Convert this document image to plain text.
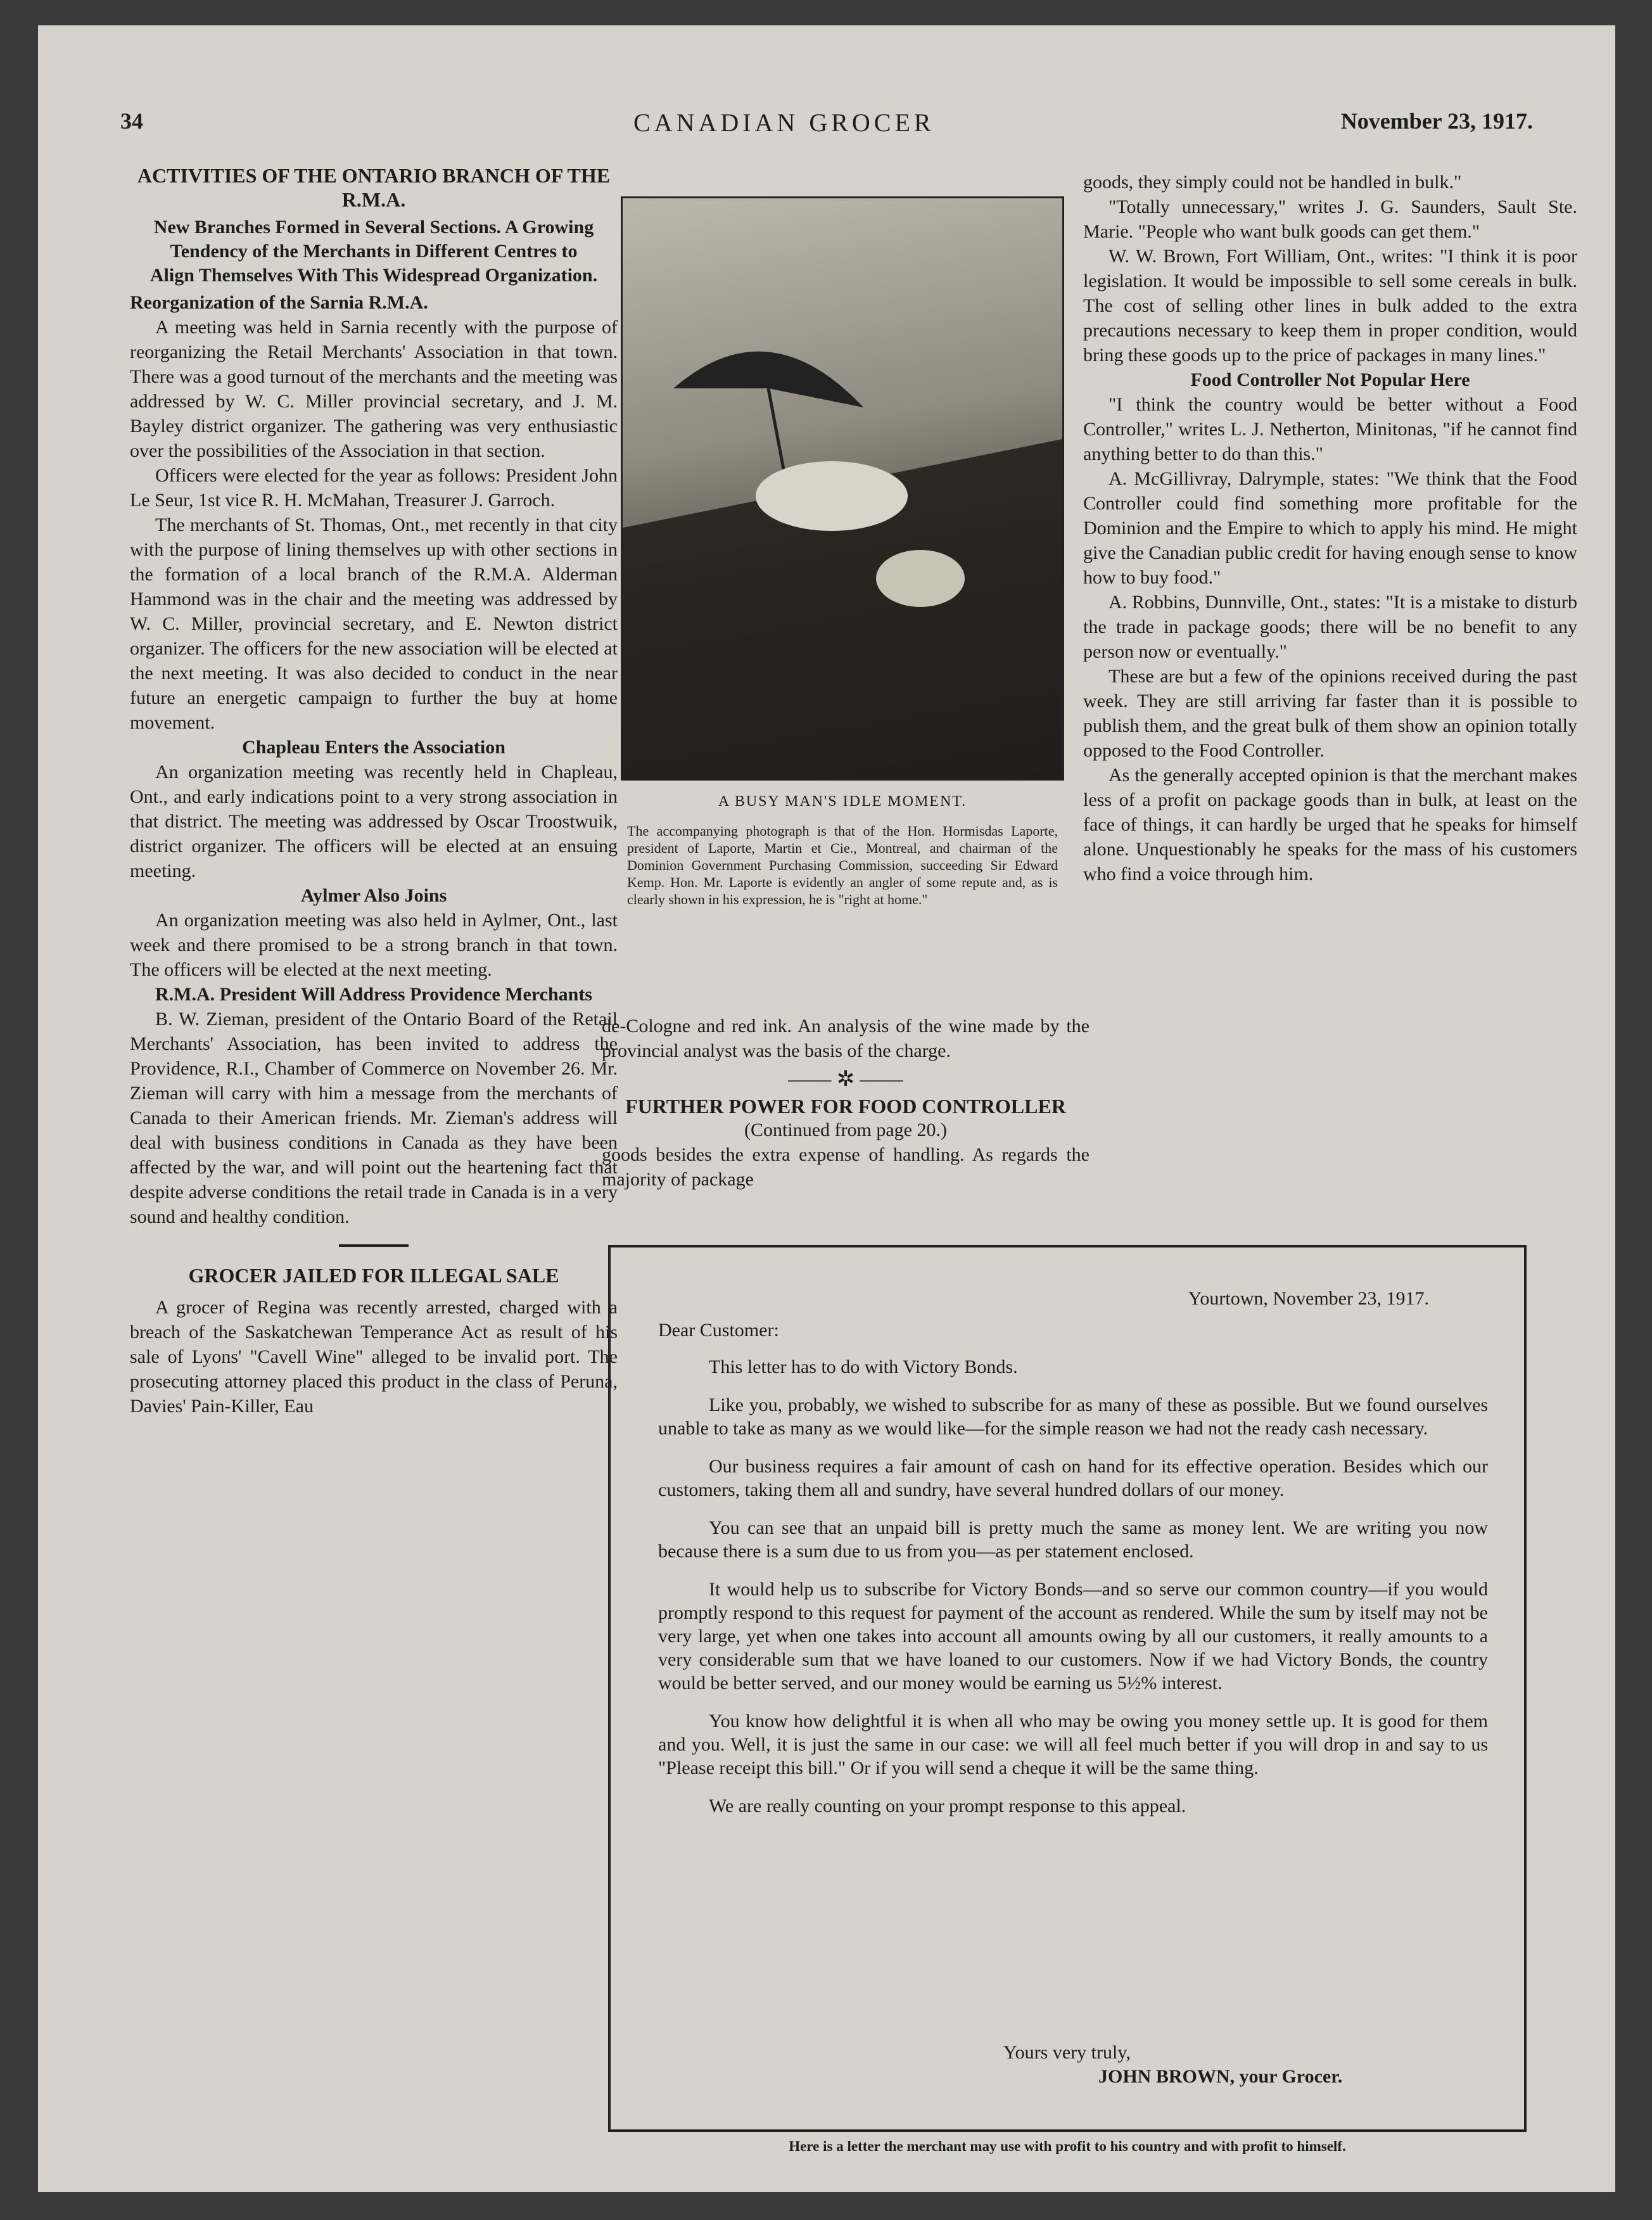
34	CANADIAN GROCER	November 23, 1917.
ACTIVITIES OF THE ONTARIO BRANCH OF THE R.M.A.
New Branches Formed in Several Sections. A Growing Tendency of the Merchants in Different Centres to Align Themselves With This Widespread Organization.
Reorganization of the Sarnia R.M.A.

A meeting was held in Sarnia recently with the purpose of reorganizing the Retail Merchants' Association in that town. There was a good turnout of the merchants and the meeting was addressed by W. C. Miller provincial secretary, and J. M. Bayley district organizer. The gathering was very enthusiastic over the possibilities of the Association in that section.

Officers were elected for the year as follows: President John Le Seur, 1st vice R. H. McMahan, Treasurer J. Garroch.

The merchants of St. Thomas, Ont., met recently in that city with the purpose of lining themselves up with other sections in the formation of a local branch of the R.M.A. Alderman Hammond was in the chair and the meeting was addressed by W. C. Miller, provincial secretary, and E. Newton district organizer. The officers for the new association will be elected at the next meeting. It was also decided to conduct in the near future an energetic campaign to further the buy at home movement.

Chapleau Enters the Association

An organization meeting was recently held in Chapleau, Ont., and early indications point to a very strong association in that district. The meeting was addressed by Oscar Troostwuik, district organizer. The officers will be elected at an ensuing meeting.

Aylmer Also Joins

An organization meeting was also held in Aylmer, Ont., last week and there promised to be a strong branch in that town. The officers will be elected at the next meeting.

R.M.A. President Will Address Providence Merchants

B. W. Zieman, president of the Ontario Board of the Retail Merchants' Association, has been invited to address the Providence, R.I., Chamber of Commerce on November 26. Mr. Zieman will carry with him a message from the merchants of Canada to their American friends. Mr. Zieman's address will deal with business conditions in Canada as they have been affected by the war, and will point out the heartening fact that despite adverse conditions the retail trade in Canada is in a very sound and healthy condition.

GROCER JAILED FOR ILLEGAL SALE

A grocer of Regina was recently arrested, charged with a breach of the Saskatchewan Temperance Act as result of his sale of Lyons' "Cavell Wine" alleged to be invalid port. The prosecuting attorney placed this product in the class of Peruna, Davies' Pain-Killer, Eau

A BUSY MAN'S IDLE MOMENT.
The accompanying photograph is that of the Hon. Hormisdas Laporte, president of Laporte, Martin et Cie., Montreal, and chairman of the Dominion Government Purchasing Commission, succeeding Sir Edward Kemp. Hon. Mr. Laporte is evidently an angler of some repute and, as is clearly shown in his expression, he is "right at home."

de-Cologne and red ink. An analysis of the wine made by the provincial analyst was the basis of the charge.

—— ✲ ——
FURTHER POWER FOR FOOD CONTROLLER
(Continued from page 20.)

goods besides the extra expense of handling. As regards the majority of package

goods, they simply could not be handled in bulk."

"Totally unnecessary," writes J. G. Saunders, Sault Ste. Marie. "People who want bulk goods can get them."

W. W. Brown, Fort William, Ont., writes: "I think it is poor legislation. It would be impossible to sell some cereals in bulk. The cost of selling other lines in bulk added to the extra precautions necessary to keep them in proper condition, would bring these goods up to the price of packages in many lines."

Food Controller Not Popular Here

"I think the country would be better without a Food Controller," writes L. J. Netherton, Minitonas, "if he cannot find anything better to do than this."

A. McGillivray, Dalrymple, states: "We think that the Food Controller could find something more profitable for the Dominion and the Empire to which to apply his mind. He might give the Canadian public credit for having enough sense to know how to buy food."

A. Robbins, Dunnville, Ont., states: "It is a mistake to disturb the trade in package goods; there will be no benefit to any person now or eventually."

These are but a few of the opinions received during the past week. They are still arriving far faster than it is possible to publish them, and the great bulk of them show an opinion totally opposed to the Food Controller.

As the generally accepted opinion is that the merchant makes less of a profit on package goods than in bulk, at least on the face of things, it can hardly be urged that he speaks for himself alone. Unquestionably he speaks for the mass of his customers who find a voice through him.

Yourtown, November 23, 1917.
Dear Customer:

This letter has to do with Victory Bonds.

Like you, probably, we wished to subscribe for as many of these as possible. But we found ourselves unable to take as many as we would like—for the simple reason we had not the ready cash necessary.

Our business requires a fair amount of cash on hand for its effective operation. Besides which our customers, taking them all and sundry, have several hundred dollars of our money.

You can see that an unpaid bill is pretty much the same as money lent. We are writing you now because there is a sum due to us from you—as per statement enclosed.

It would help us to subscribe for Victory Bonds—and so serve our common country—if you would promptly respond to this request for payment of the account as rendered. While the sum by itself may not be very large, yet when one takes into account all amounts owing by all our customers, it really amounts to a very considerable sum that we have loaned to our customers. Now if we had Victory Bonds, the country would be better served, and our money would be earning us 5½% interest.

You know how delightful it is when all who may be owing you money settle up. It is good for them and you. Well, it is just the same in our case: we will all feel much better if you will drop in and say to us "Please receipt this bill." Or if you will send a cheque it will be the same thing.

We are really counting on your prompt response to this appeal.

Yours very truly,
JOHN BROWN, your Grocer.
Here is a letter the merchant may use with profit to his country and with profit to himself.
